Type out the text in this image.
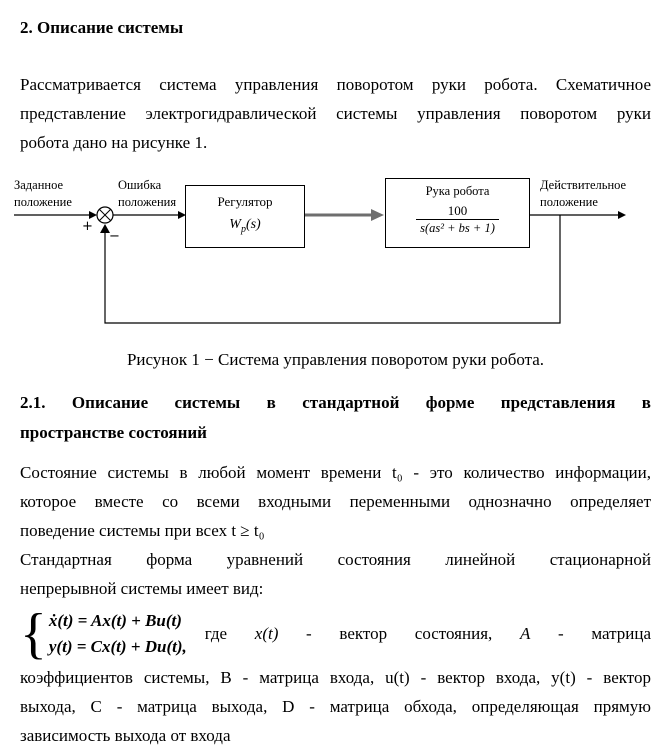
2. Описание системы
Рассматривается система управления поворотом руки робота. Схематичное
представление электрогидравлической системы управления поворотом руки
робота дано на рисунке 1.
Заданное
положение
Ошибка
положения
+
−
Регулятор
$W_p(s)$
Рука робота
$\frac{100}{\text{s(as² + bs + 1)}}$
Действительное
положение

Рисунок 1 − Система управления поворотом руки робота.

2.1. Описание системы в стандартной форме представления в
пространстве состояний
Состояние системы в любой момент времени t₀ - это количество информации,
которое вместе со всеми входными переменными однозначно определяет
поведение системы при всех t ≥ t₀
Стандартная форма уравнений состояния линейной стационарной
непрерывной системы имеет вид:
{ ẋ(t) = Ax(t) + Bu(t)
y(t) = Cx(t) + Du(t),
где x(t) - вектор состояния, A - матрица
коэффициентов системы, B - матрица входа, u(t) - вектор входа, y(t) - вектор
выхода, C - матрица выхода, D - матрица обхода, определяющая прямую
зависимость выхода от входа
